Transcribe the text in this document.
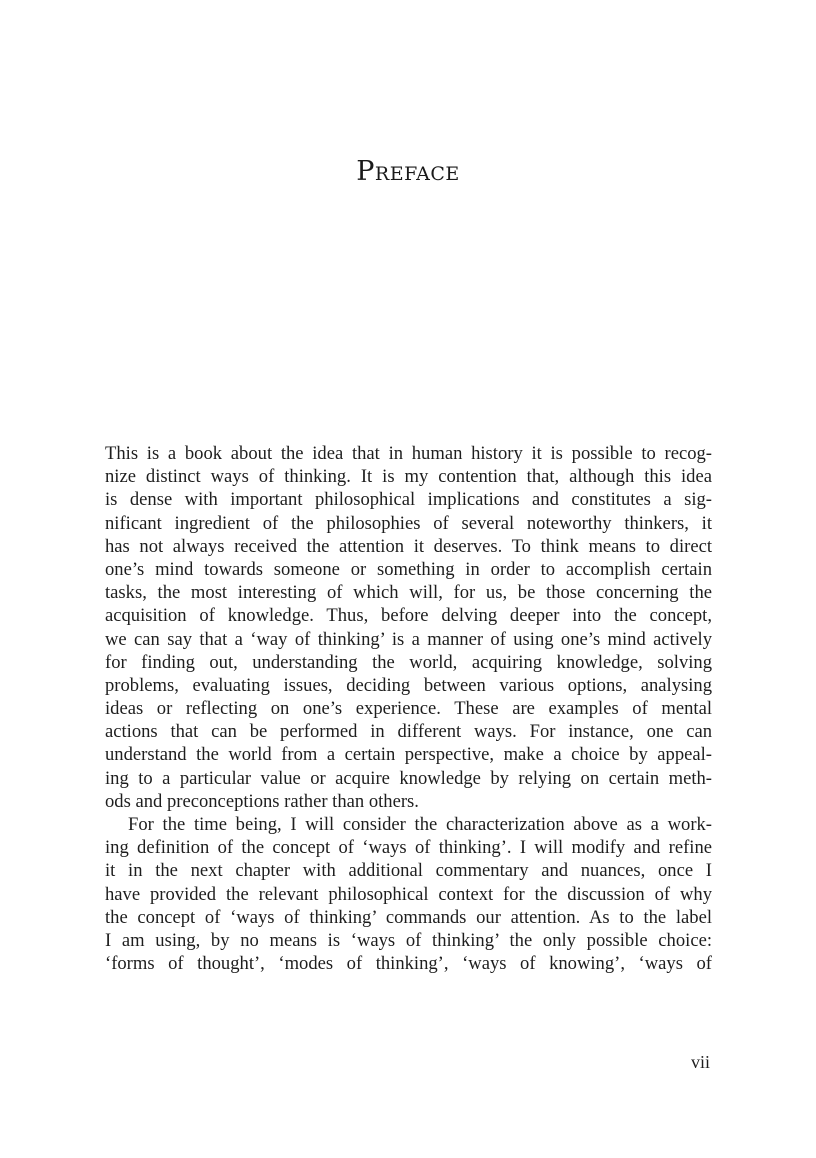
Preface
This is a book about the idea that in human history it is possible to recog-
nize distinct ways of thinking. It is my contention that, although this idea
is dense with important philosophical implications and constitutes a sig-
nificant ingredient of the philosophies of several noteworthy thinkers, it
has not always received the attention it deserves. To think means to direct
one’s mind towards someone or something in order to accomplish certain
tasks, the most interesting of which will, for us, be those concerning the
acquisition of knowledge. Thus, before delving deeper into the concept,
we can say that a ‘way of thinking’ is a manner of using one’s mind actively
for finding out, understanding the world, acquiring knowledge, solving
problems, evaluating issues, deciding between various options, analysing
ideas or reflecting on one’s experience. These are examples of mental
actions that can be performed in different ways. For instance, one can
understand the world from a certain perspective, make a choice by appeal-
ing to a particular value or acquire knowledge by relying on certain meth-
ods and preconceptions rather than others.
For the time being, I will consider the characterization above as a work-
ing definition of the concept of ‘ways of thinking’. I will modify and refine
it in the next chapter with additional commentary and nuances, once I
have provided the relevant philosophical context for the discussion of why
the concept of ‘ways of thinking’ commands our attention. As to the label
I am using, by no means is ‘ways of thinking’ the only possible choice:
‘forms of thought’, ‘modes of thinking’, ‘ways of knowing’, ‘ways of
vii
